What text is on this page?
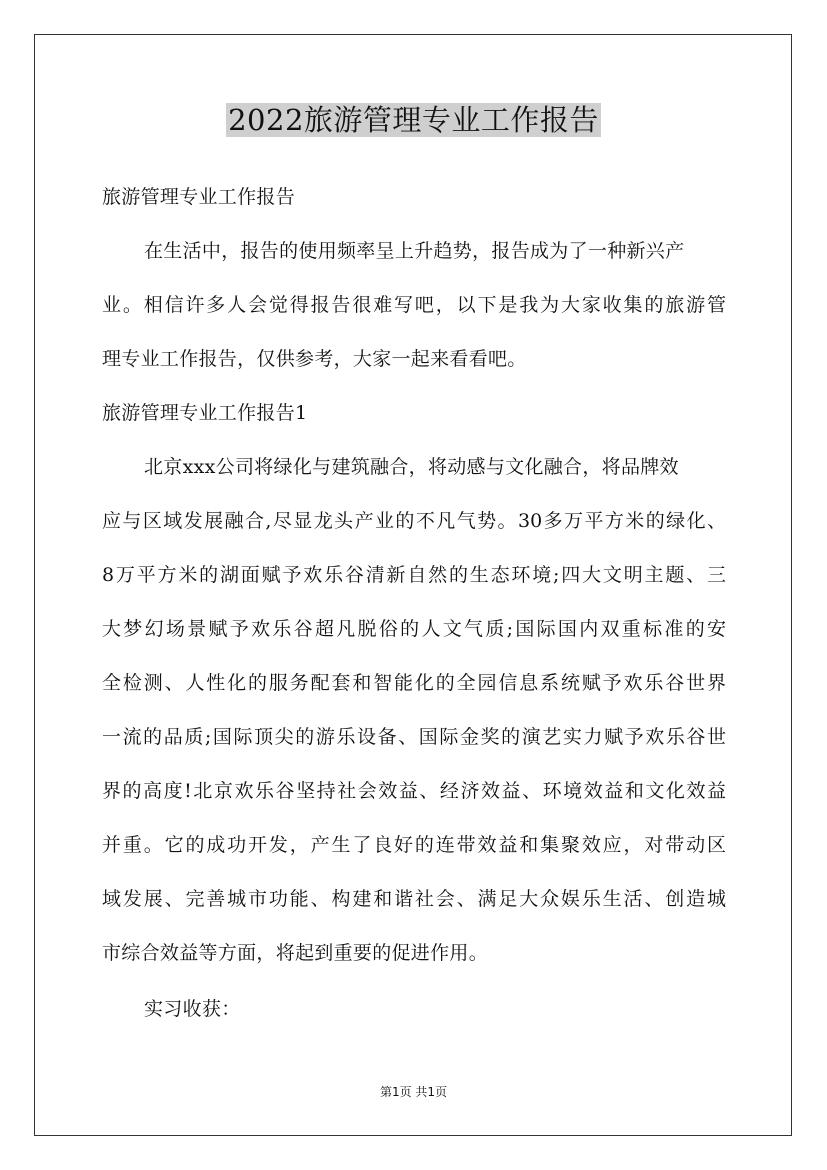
2022旅游管理专业工作报告
旅游管理专业工作报告
在生活中，报告的使用频率呈上升趋势，报告成为了一种新兴产
业。相信许多人会觉得报告很难写吧，以下是我为大家收集的旅游管
理专业工作报告，仅供参考，大家一起来看看吧。
旅游管理专业工作报告1
北京xxx公司将绿化与建筑融合，将动感与文化融合，将品牌效
应与区域发展融合,尽显龙头产业的不凡气势。30多万平方米的绿化、
8万平方米的湖面赋予欢乐谷清新自然的生态环境;四大文明主题、三
大梦幻场景赋予欢乐谷超凡脱俗的人文气质;国际国内双重标准的安
全检测、人性化的服务配套和智能化的全园信息系统赋予欢乐谷世界
一流的品质;国际顶尖的游乐设备、国际金奖的演艺实力赋予欢乐谷世
界的高度!北京欢乐谷坚持社会效益、经济效益、环境效益和文化效益
并重。它的成功开发，产生了良好的连带效益和集聚效应，对带动区
域发展、完善城市功能、构建和谐社会、满足大众娱乐生活、创造城
市综合效益等方面，将起到重要的促进作用。
实习收获：
第1页 共1页
